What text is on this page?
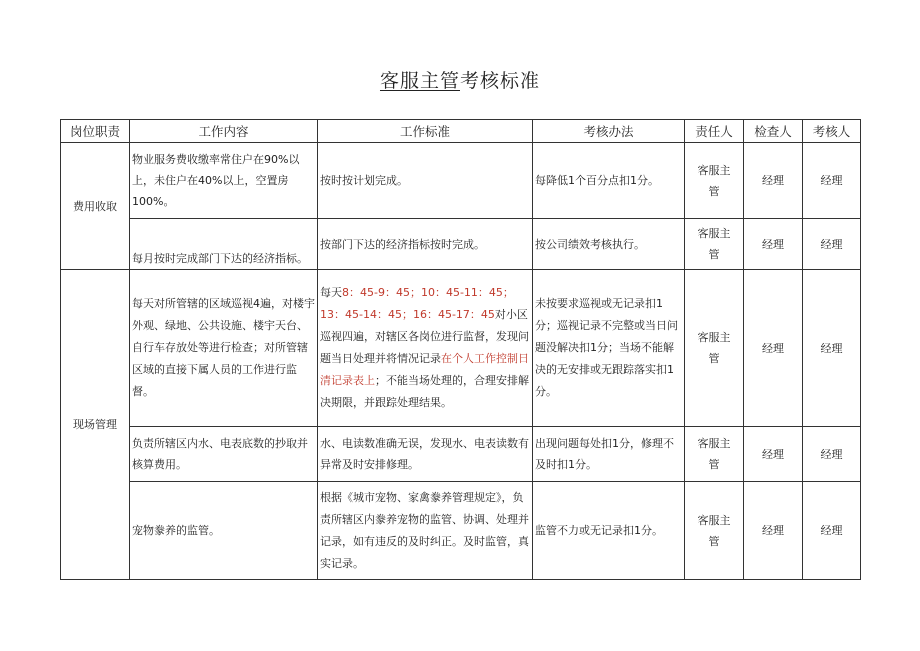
客服主管考核标准
岗位职责	工作内容	工作标准	考核办法	责任人	检查人	考核人
费用收取	物业服务费收缴率常住户在90%以上，未住户在40%以上，空置房100%。	按时按计划完成。	每降低1个百分点扣1分。	客服主管	经理	经理
	每月按时完成部门下达的经济指标。	按部门下达的经济指标按时完成。	按公司绩效考核执行。	客服主管	经理	经理
现场管理	每天对所管辖的区域巡视4遍，对楼宇外观、绿地、公共设施、楼宇天台、自行车存放处等进行检查；对所管辖区域的直接下属人员的工作进行监督。	每天8：45-9：45；10：45-11：45；13：45-14：45；16：45-17：45对小区巡视四遍，对辖区各岗位进行监督，发现问题当日处理并将情况记录在个人工作控制日清记录表上；不能当场处理的，合理安排解决期限，并跟踪处理结果。	未按要求巡视或无记录扣1分；巡视记录不完整或当日问题没解决扣1分；当场不能解决的无安排或无跟踪落实扣1分。	客服主管	经理	经理
	负责所辖区内水、电表底数的抄取并核算费用。	水、电读数准确无误，发现水、电表读数有异常及时安排修理。	出现问题每处扣1分，修理不及时扣1分。	客服主管	经理	经理
	宠物豢养的监管。	根据《城市宠物、家禽豢养管理规定》，负责所辖区内豢养宠物的监管、协调、处理并记录，如有违反的及时纠正。及时监管，真实记录。	监管不力或无记录扣1分。	客服主管	经理	经理
